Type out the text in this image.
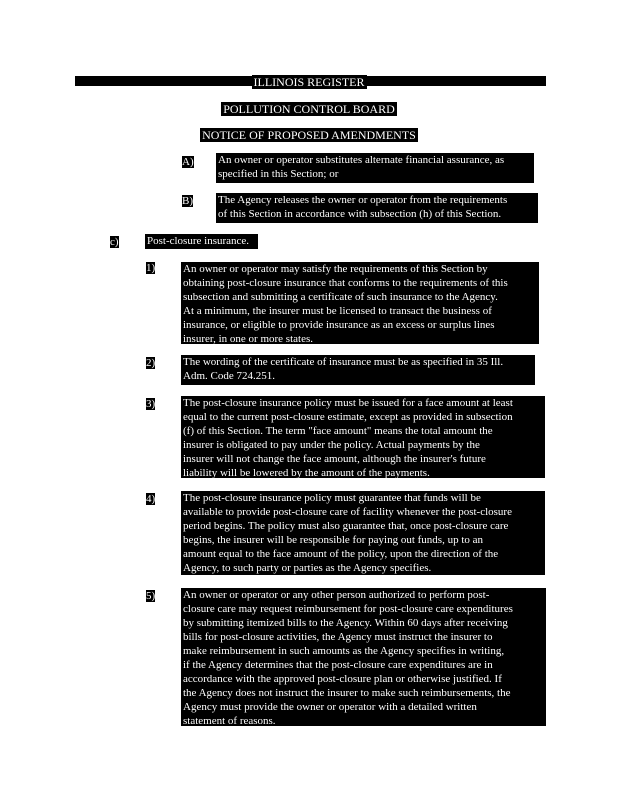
ILLINOIS REGISTER
POLLUTION CONTROL BOARD
NOTICE OF PROPOSED AMENDMENTS
A) An owner or operator substitutes alternate financial assurance, as
specified in this Section; or
B) The Agency releases the owner or operator from the requirements
of this Section in accordance with subsection (h) of this Section.
c)	Post-closure insurance.
1)	An owner or operator may satisfy the requirements of this Section by
obtaining post-closure insurance that conforms to the requirements of this
subsection and submitting a certificate of such insurance to the Agency.
At a minimum, the insurer must be licensed to transact the business of
insurance, or eligible to provide insurance as an excess or surplus lines
insurer, in one or more states.
2)	The wording of the certificate of insurance must be as specified in 35 Ill.
Adm. Code 724.251.
3)	The post-closure insurance policy must be issued for a face amount at least
equal to the current post-closure estimate, except as provided in subsection
(f) of this Section. The term "face amount" means the total amount the
insurer is obligated to pay under the policy. Actual payments by the
insurer will not change the face amount, although the insurer's future
liability will be lowered by the amount of the payments.
4)	The post-closure insurance policy must guarantee that funds will be
available to provide post-closure care of facility whenever the post-closure
period begins. The policy must also guarantee that, once post-closure care
begins, the insurer will be responsible for paying out funds, up to an
amount equal to the face amount of the policy, upon the direction of the
Agency, to such party or parties as the Agency specifies.
5)	An owner or operator or any other person authorized to perform post-
closure care may request reimbursement for post-closure care expenditures
by submitting itemized bills to the Agency. Within 60 days after receiving
bills for post-closure activities, the Agency must instruct the insurer to
make reimbursement in such amounts as the Agency specifies in writing,
if the Agency determines that the post-closure care expenditures are in
accordance with the approved post-closure plan or otherwise justified. If
the Agency does not instruct the insurer to make such reimbursements, the
Agency must provide the owner or operator with a detailed written
statement of reasons.
